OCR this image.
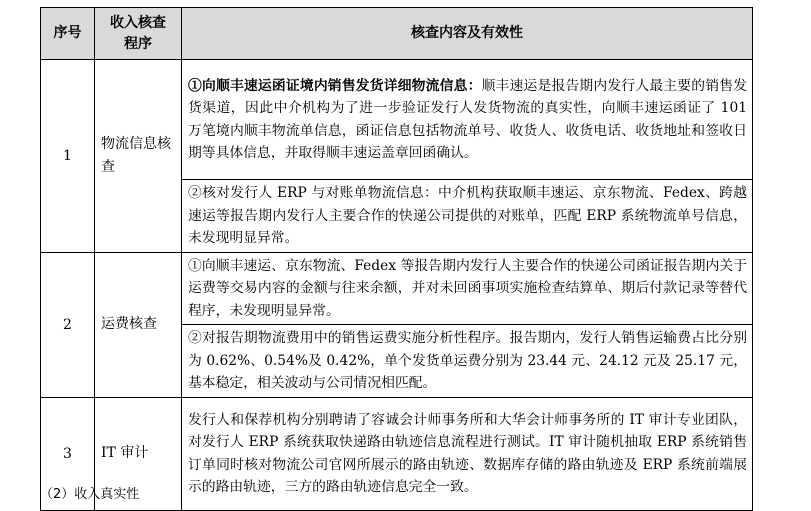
序号	收入核查程序	核查内容及有效性
1	物流信息核查	①向顺丰速运函证境内销售发货详细物流信息：顺丰速运是报告期内发行人最主要的销售发货渠道，因此中介机构为了进一步验证发行人发货物流的真实性，向顺丰速运函证了 101 万笔境内顺丰物流单信息，函证信息包括物流单号、收货人、收货电话、收货地址和签收日期等具体信息，并取得顺丰速运盖章回函确认。
		②核对发行人 ERP 与对账单物流信息：中介机构获取顺丰速运、京东物流、Fedex、跨越速运等报告期内发行人主要合作的快递公司提供的对账单，匹配 ERP 系统物流单号信息，未发现明显异常。
2	运费核查	①向顺丰速运、京东物流、Fedex 等报告期内发行人主要合作的快递公司函证报告期内关于运费等交易内容的金额与往来余额，并对未回函事项实施检查结算单、期后付款记录等替代程序，未发现明显异常。
		②对报告期物流费用中的销售运费实施分析性程序。报告期内，发行人销售运输费占比分别为 0.62%、0.54%及 0.42%，单个发货单运费分别为 23.44 元、24.12 元及 25.17 元，基本稳定，相关波动与公司情况相匹配。
3	IT 审计	发行人和保荐机构分别聘请了容诚会计师事务所和大华会计师事务所的 IT 审计专业团队，对发行人 ERP 系统获取快递路由轨迹信息流程进行测试。IT 审计随机抽取 ERP 系统销售订单同时核对物流公司官网所展示的路由轨迹、数据库存储的路由轨迹及 ERP 系统前端展示的路由轨迹，三方的路由轨迹信息完全一致。
（2）收入真实性
